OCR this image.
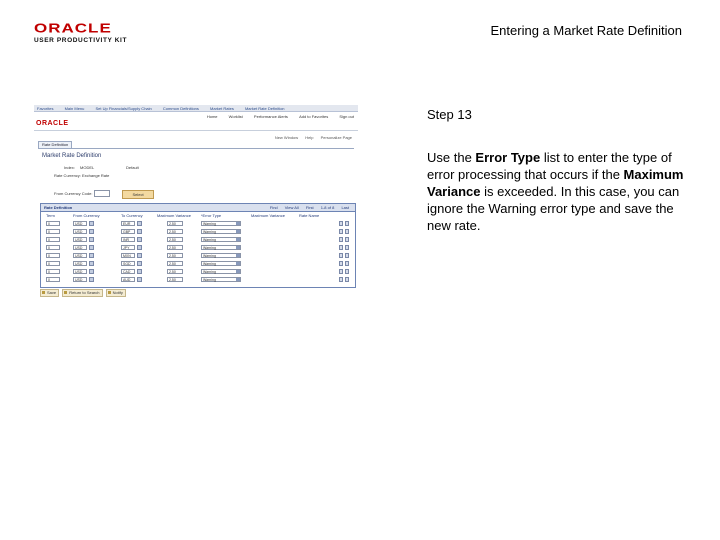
ORACLE
USER PRODUCTIVITY KIT
Entering a Market Rate Definition
Favorites	Main Menu	Set Up Financials/Supply Chain	Common Definitions	Market Rates	Market Rate Definition
Home	Worklist	Performance Alerts	Add to Favorites	Sign out
ORACLE
New Window Help Personalize Page
Rate Definition
Market Rate Definition
Index: MODEL	Default
Rate Currency: Exchange Rate
From Currency Code:	Select
Rate Definition	Find View All First 1-8 of 8 Last
Term	From Currency	To Currency	Maximum Variance	*Error Type	Maximum Variance	Rate Name
0	USD	EUR	2.50	Warning
0	USD	GBP	2.50	Warning
0	USD	INR	2.50	Warning
0	USD	JPY	2.50	Warning
0	USD	MXN	2.50	Warning
0	USD	SGD	2.50	Warning
0	USD	CAD	2.50	Warning
0	USD	AUD	2.50	Warning
Save	Return to Search	Notify
Step 13
Use the Error Type list to enter the type of error processing that occurs if the Maximum Variance is exceeded. In this case, you can ignore the Warning error type and save the new rate.
